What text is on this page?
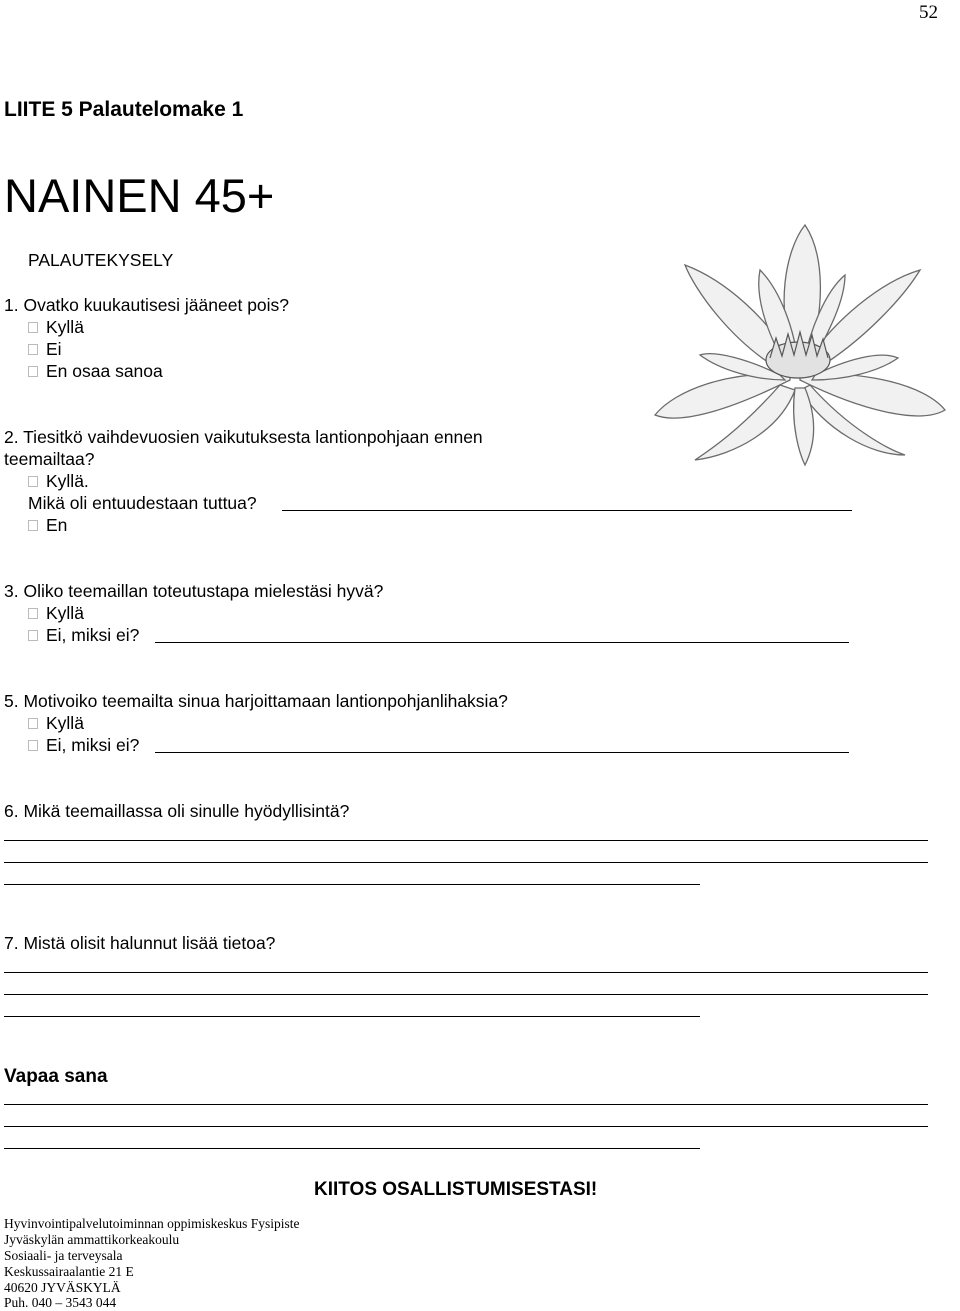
52
LIITE 5 Palautelomake 1
NAINEN 45+
PALAUTEKYSELY
1. Ovatko kuukautisesi jääneet pois?
Kyllä
Ei
En osaa sanoa
2. Tiesitkö vaihdevuosien vaikutuksesta lantionpohjaan ennen
teemailtaa?
Kyllä.
Mikä oli entuudestaan tuttua?
En
3. Oliko teemaillan toteutustapa mielestäsi hyvä?
Kyllä
Ei, miksi ei?
5. Motivoiko teemailta sinua harjoittamaan lantionpohjanlihaksia?
Kyllä
Ei, miksi ei?
6. Mikä teemaillassa oli sinulle hyödyllisintä?
7. Mistä olisit halunnut lisää tietoa?
Vapaa sana
KIITOS OSALLISTUMISESTASI!
Hyvinvointipalvelutoiminnan oppimiskeskus Fysipiste
Jyväskylän ammattikorkeakoulu
Sosiaali- ja terveysala
Keskussairaalantie 21 E
40620 JYVÄSKYLÄ
Puh. 040 – 3543 044
